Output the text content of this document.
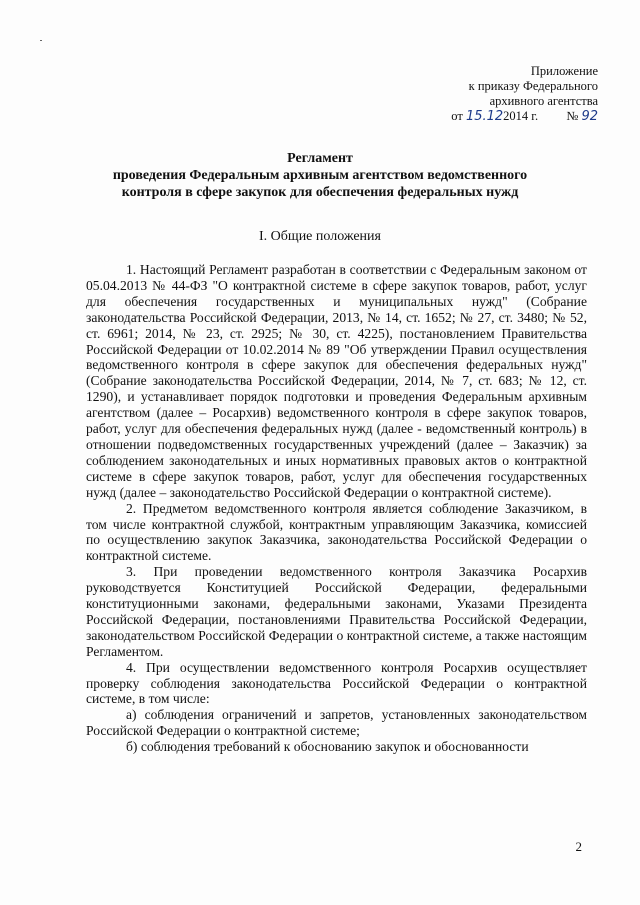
Приложение
к приказу Федерального
архивного агентства
от 15.122014 г. № 92
Регламент
проведения Федеральным архивным агентством ведомственного
контроля в сфере закупок для обеспечения федеральных нужд
I. Общие положения

1. Настоящий Регламент разработан в соответствии с Федеральным законом от 05.04.2013 № 44-ФЗ "О контрактной системе в сфере закупок товаров, работ, услуг для обеспечения государственных и муниципальных нужд" (Собрание законодательства Российской Федерации, 2013, № 14, ст. 1652; № 27, ст. 3480; № 52, ст. 6961; 2014, № 23, ст. 2925; № 30, ст. 4225), постановлением Правительства Российской Федерации от 10.02.2014 № 89 "Об утверждении Правил осуществления ведомственного контроля в сфере закупок для обеспечения федеральных нужд" (Собрание законодательства Российской Федерации, 2014, № 7, ст. 683; № 12, ст. 1290), и устанавливает порядок подготовки и проведения Федеральным архивным агентством (далее – Росархив) ведомственного контроля в сфере закупок товаров, работ, услуг для обеспечения федеральных нужд (далее - ведомственный контроль) в отношении подведомственных государственных учреждений (далее – Заказчик) за соблюдением законодательных и иных нормативных правовых актов о контрактной системе в сфере закупок товаров, работ, услуг для обеспечения государственных нужд (далее – законодательство Российской Федерации о контрактной системе).

2. Предметом ведомственного контроля является соблюдение Заказчиком, в том числе контрактной службой, контрактным управляющим Заказчика, комиссией по осуществлению закупок Заказчика, законодательства Российской Федерации о контрактной системе.

3. При проведении ведомственного контроля Заказчика Росархив руководствуется Конституцией Российской Федерации, федеральными конституционными законами, федеральными законами, Указами Президента Российской Федерации, постановлениями Правительства Российской Федерации, законодательством Российской Федерации о контрактной системе, а также настоящим Регламентом.

4. При осуществлении ведомственного контроля Росархив осуществляет проверку соблюдения законодательства Российской Федерации о контрактной системе, в том числе:

а) соблюдения ограничений и запретов, установленных законодательством Российской Федерации о контрактной системе;

б) соблюдения требований к обоснованию закупок и обоснованности

2
